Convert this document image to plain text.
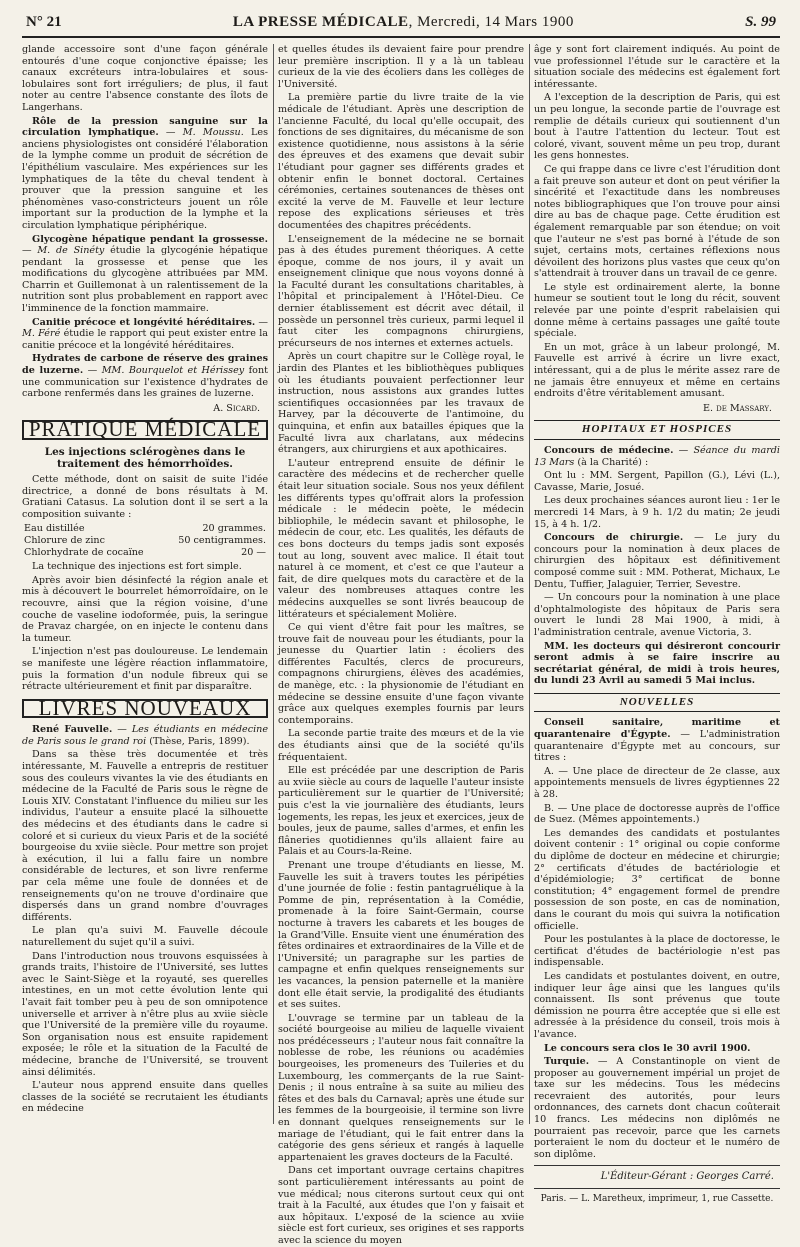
N° 21	LA PRESSE MÉDICALE, Mercredi, 14 Mars 1900	S. 99

glande accessoire sont d'une façon générale entourés d'une coque conjonctive épaisse; les canaux excréteurs intra-lobulaires et sous-lobulaires sont fort irréguliers; de plus, il faut noter au centre l'absence constante des îlots de Langerhans.

Rôle de la pression sanguine sur la circulation lymphatique. — M. Moussu. Les anciens physiologistes ont considéré l'élaboration de la lymphe comme un produit de sécrétion de l'épithélium vasculaire. Mes expériences sur les lymphatiques de la tête du cheval tendent à prouver que la pression sanguine et les phénomènes vaso-constricteurs jouent un rôle important sur la production de la lymphe et la circulation lymphatique périphérique.

Glycogène hépatique pendant la grossesse. — M. de Sinéty étudie la glycogénie hépatique pendant la grossesse et pense que les modifications du glycogène attribuées par MM. Charrin et Guillemonat à un ralentissement de la nutrition sont plus probablement en rapport avec l'imminence de la fonction mammaire.

Canitie précoce et longévité héréditaires. — M. Féré étudie le rapport qui peut exister entre la canitie précoce et la longévité héréditaires.

Hydrates de carbone de réserve des graines de luzerne. — MM. Bourquelot et Hérissey font une communication sur l'existence d'hydrates de carbone renfermés dans les graines de luzerne.

A. Sicard.
PRATIQUE MÉDICALE
Les injections sclérogènes dans le traitement des hémorrhoïdes.

Cette méthode, dont on saisit de suite l'idée directrice, a donné de bons résultats à M. Gratiani Catasus. La solution dont il se sert a la composition suivante :

Eau distillée	20 grammes.
Chlorure de zinc	50 centigrammes.
Chlorhydrate de cocaïne	20 —

La technique des injections est fort simple.

Après avoir bien désinfecté la région anale et mis à découvert le bourrelet hémorroïdaire, on le recouvre, ainsi que la région voisine, d'une couche de vaseline iodoformée, puis, la seringue de Pravaz chargée, on en injecte le contenu dans la tumeur.

L'injection n'est pas douloureuse. Le lendemain se manifeste une légère réaction inflammatoire, puis la formation d'un nodule fibreux qui se rétracte ultérieurement et finit par disparaître.

LIVRES NOUVEAUX

René Fauvelle. — Les étudiants en médecine de Paris sous le grand roi (Thèse, Paris, 1899).

Dans sa thèse très documentée et très intéressante, M. Fauvelle a entrepris de restituer sous des couleurs vivantes la vie des étudiants en médecine de la Faculté de Paris sous le règne de Louis XIV. Constatant l'influence du milieu sur les individus, l'auteur a ensuite placé la silhouette des médecins et des étudiants dans le cadre si coloré et si curieux du vieux Paris et de la société bourgeoise du xviie siècle. Pour mettre son projet à exécution, il lui a fallu faire un nombre considérable de lectures, et son livre renferme par cela même une foule de données et de renseignements qu'on ne trouve d'ordinaire que dispersés dans un grand nombre d'ouvrages différents.

Le plan qu'a suivi M. Fauvelle découle naturellement du sujet qu'il a suivi.

Dans l'introduction nous trouvons esquissées à grands traits, l'histoire de l'Université, ses luttes avec le Saint-Siège et la royauté, ses querelles intestines, en un mot cette évolution lente qui l'avait fait tomber peu à peu de son omnipotence universelle et arriver à n'être plus au xviie siècle que l'Université de la première ville du royaume. Son organisation nous est ensuite rapidement exposée; le rôle et la situation de la Faculté de médecine, branche de l'Université, se trouvent ainsi délimités.

L'auteur nous apprend ensuite dans quelles classes de la société se recrutaient les étudiants en médecine

et quelles études ils devaient faire pour prendre leur première inscription. Il y a là un tableau curieux de la vie des écoliers dans les collèges de l'Université.

La première partie du livre traite de la vie médicale de l'étudiant. Après une description de l'ancienne Faculté, du local qu'elle occupait, des fonctions de ses dignitaires, du mécanisme de son existence quotidienne, nous assistons à la série des épreuves et des examens que devait subir l'étudiant pour gagner ses différents grades et obtenir enfin le bonnet doctoral. Certaines cérémonies, certaines soutenances de thèses ont excité la verve de M. Fauvelle et leur lecture repose des explications sérieuses et très documentées des chapitres précédents.

L'enseignement de la médecine ne se bornait pas à des études purement théoriques. A cette époque, comme de nos jours, il y avait un enseignement clinique que nous voyons donné à la Faculté durant les consultations charitables, à l'hôpital et principalement à l'Hôtel-Dieu. Ce dernier établissement est décrit avec détail, il possède un personnel très curieux, parmi lequel il faut citer les compagnons chirurgiens, précurseurs de nos internes et externes actuels.

Après un court chapitre sur le Collège royal, le jardin des Plantes et les bibliothèques publiques où les étudiants pouvaient perfectionner leur instruction, nous assistons aux grandes luttes scientifiques occasionnées par les travaux de Harvey, par la découverte de l'antimoine, du quinquina, et enfin aux batailles épiques que la Faculté livra aux charlatans, aux médecins étrangers, aux chirurgiens et aux apothicaires.

L'auteur entreprend ensuite de définir le caractère des médecins et de rechercher quelle était leur situation sociale. Sous nos yeux défilent les différents types qu'offrait alors la profession médicale : le médecin poète, le médecin bibliophile, le médecin savant et philosophe, le médecin de cour, etc. Les qualités, les défauts de ces bons docteurs du temps jadis sont exposés tout au long, souvent avec malice. Il était tout naturel à ce moment, et c'est ce que l'auteur a fait, de dire quelques mots du caractère et de la valeur des nombreuses attaques contre les médecins auxquelles se sont livrés beaucoup de littérateurs et spécialement Molière.

Ce qui vient d'être fait pour les maîtres, se trouve fait de nouveau pour les étudiants, pour la jeunesse du Quartier latin : écoliers des différentes Facultés, clercs de procureurs, compagnons chirurgiens, élèves des académies, de manège, etc. : la physionomie de l'étudiant en médecine se dessine ensuite d'une façon vivante grâce aux quelques exemples fournis par leurs contemporains.

La seconde partie traite des mœurs et de la vie des étudiants ainsi que de la société qu'ils fréquentaient.

Elle est précédée par une description de Paris au xviie siècle au cours de laquelle l'auteur insiste particulièrement sur le quartier de l'Université; puis c'est la vie journalière des étudiants, leurs logements, les repas, les jeux et exercices, jeux de boules, jeux de paume, salles d'armes, et enfin les flâneries quotidiennes qu'ils allaient faire au Palais et au Cours-la-Reine.

Prenant une troupe d'étudiants en liesse, M. Fauvelle les suit à travers toutes les péripéties d'une journée de folie : festin pantagruélique à la Pomme de pin, représentation à la Comédie, promenade à la foire Saint-Germain, course nocturne à travers les cabarets et les bouges de la Grand'Ville. Ensuite vient une énumération des fêtes ordinaires et extraordinaires de la Ville et de l'Université; un paragraphe sur les parties de campagne et enfin quelques renseignements sur les vacances, la pension paternelle et la manière dont elle était servie, la prodigalité des étudiants et ses suites.

L'ouvrage se termine par un tableau de la société bourgeoise au milieu de laquelle vivaient nos prédécesseurs ; l'auteur nous fait connaître la noblesse de robe, les réunions ou académies bourgeoises, les promeneurs des Tuileries et du Luxembourg, les commerçants de la rue Saint-Denis ; il nous entraîne à sa suite au milieu des fêtes et des bals du Carnaval; après une étude sur les femmes de la bourgeoisie, il termine son livre en donnant quelques renseignements sur le mariage de l'étudiant, qui le fait entrer dans la catégorie des gens sérieux et rangés à laquelle appartenaient les graves docteurs de la Faculté.

Dans cet important ouvrage certains chapitres sont particulièrement intéressants au point de vue médical; nous citerons surtout ceux qui ont trait à la Faculté, aux études que l'on y faisait et aux hôpitaux. L'exposé de la science au xviie siècle est fort curieux, ses origines et ses rapports avec la science du moyen

âge y sont fort clairement indiqués. Au point de vue professionnel l'étude sur le caractère et la situation sociale des médecins est également fort intéressante.

A l'exception de la description de Paris, qui est un peu longue, la seconde partie de l'ouvrage est remplie de détails curieux qui soutiennent d'un bout à l'autre l'attention du lecteur. Tout est coloré, vivant, souvent même un peu trop, durant les gens honnestes.

Ce qui frappe dans ce livre c'est l'érudition dont a fait preuve son auteur et dont on peut vérifier la sincérité et l'exactitude dans les nombreuses notes bibliographiques que l'on trouve pour ainsi dire au bas de chaque page. Cette érudition est également remarquable par son étendue; on voit que l'auteur ne s'est pas borné à l'étude de son sujet, certains mots, certaines réflexions nous dévoilent des horizons plus vastes que ceux qu'on s'attendrait à trouver dans un travail de ce genre.

Le style est ordinairement alerte, la bonne humeur se soutient tout le long du récit, souvent relevée par une pointe d'esprit rabelaisien qui donne même à certains passages une gaîté toute spéciale.

En un mot, grâce à un labeur prolongé, M. Fauvelle est arrivé à écrire un livre exact, intéressant, qui a de plus le mérite assez rare de ne jamais être ennuyeux et même en certains endroits d'être véritablement amusant.

E. de Massary.
HOPITAUX ET HOSPICES

Concours de médecine. — Séance du mardi 13 Mars (à la Charité) :

Ont lu : MM. Sergent, Papillon (G.), Lévi (L.), Cavasse, Marie, Josué.

Les deux prochaines séances auront lieu : 1er le mercredi 14 Mars, à 9 h. 1/2 du matin; 2e jeudi 15, à 4 h. 1/2.

Concours de chirurgie. — Le jury du concours pour la nomination à deux places de chirurgien des hôpitaux est définitivement composé comme suit : MM. Potherat, Michaux, Le Dentu, Tuffier, Jalaguier, Terrier, Sevestre.

— Un concours pour la nomination à une place d'ophtalmologiste des hôpitaux de Paris sera ouvert le lundi 28 Mai 1900, à midi, à l'administration centrale, avenue Victoria, 3.

MM. les docteurs qui désireront concourir seront admis à se faire inscrire au secrétariat général, de midi à trois heures, du lundi 23 Avril au samedi 5 Mai inclus.

NOUVELLES

Conseil sanitaire, maritime et quarantenaire d'Égypte. — L'administration quarantenaire d'Égypte met au concours, sur titres :

A. — Une place de directeur de 2e classe, aux appointements mensuels de livres égyptiennes 22 à 28.

B. — Une place de doctoresse auprès de l'office de Suez. (Mêmes appointements.)

Les demandes des candidats et postulantes doivent contenir : 1° original ou copie conforme du diplôme de docteur en médecine et chirurgie; 2° certificats d'études de bactériologie et d'épidémiologie; 3° certificat de bonne constitution; 4° engagement formel de prendre possession de son poste, en cas de nomination, dans le courant du mois qui suivra la notification officielle.

Pour les postulantes à la place de doctoresse, le certificat d'études de bactériologie n'est pas indispensable.

Les candidats et postulantes doivent, en outre, indiquer leur âge ainsi que les langues qu'ils connaissent. Ils sont prévenus que toute démission ne pourra être acceptée que si elle est adressée à la présidence du conseil, trois mois à l'avance.

Le concours sera clos le 30 avril 1900.

Turquie. — A Constantinople on vient de proposer au gouvernement impérial un projet de taxe sur les médecins. Tous les médecins recevraient des autorités, pour leurs ordonnances, des carnets dont chacun coûterait 10 francs. Les médecins non diplômés ne pourraient pas recevoir, parce que les carnets porteraient le nom du docteur et le numéro de son diplôme.

L'Éditeur-Gérant : Georges Carré.
Paris. — L. Maretheux, imprimeur, 1, rue Cassette.
